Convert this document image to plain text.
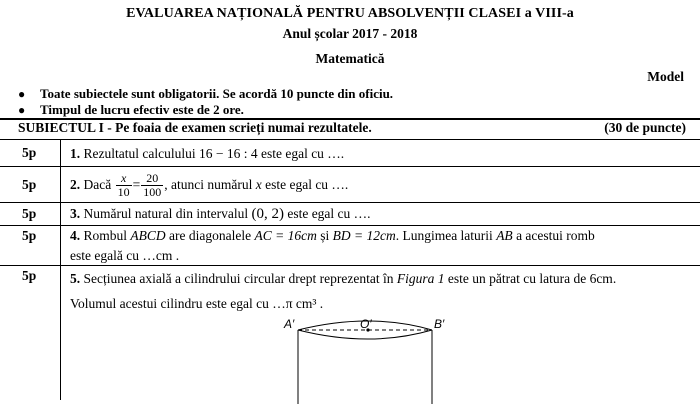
EVALUAREA NAȚIONALĂ PENTRU ABSOLVENȚII CLASEI a VIII-a
Anul școlar 2017 - 2018
Matematică
Model
● Toate subiectele sunt obligatorii. Se acordă 10 puncte din oficiu.
● Timpul de lucru efectiv este de 2 ore.
SUBIECTUL I - Pe foaia de examen scrieți numai rezultatele.	(30 de puncte)
5p 1. Rezultatul calculului 16 − 16 : 4 este egal cu ….
5p 2. Dacă $\frac{x}{10} = \frac{20}{100}$ , atunci numărul x este egal cu ….
5p 3. Numărul natural din intervalul (0, 2) este egal cu ….
5p 4. Rombul ABCD are diagonalele AC = 16cm și BD = 12cm. Lungimea laturii AB a acestui romb
este egală cu …cm .
5p 5. Secțiunea axială a cilindrului circular drept reprezentat în Figura 1 este un pătrat cu latura de 6cm.
Volumul acestui cilindru este egal cu …π cm³ .
A′	O′	B′
